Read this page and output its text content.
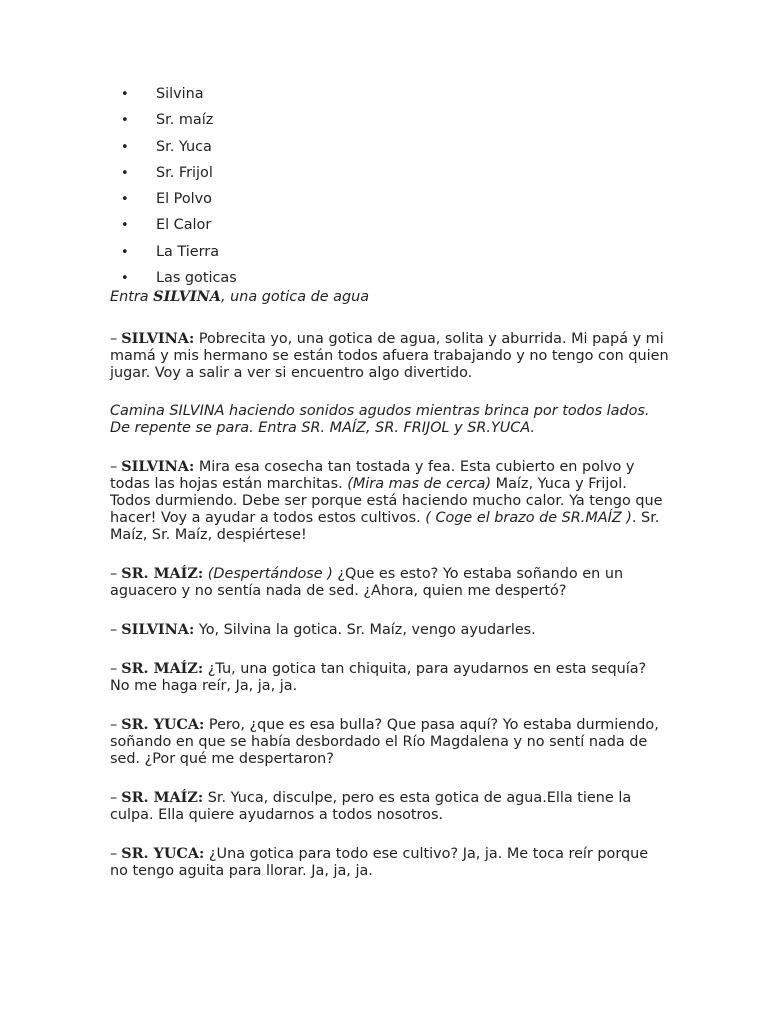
• Silvina
• Sr. maíz
• Sr. Yuca
• Sr. Frijol
• El Polvo
• El Calor
• La Tierra
• Las goticas

Entra SILVINA, una gotica de agua

– SILVINA: Pobrecita yo, una gotica de agua, solita y aburrida. Mi papá y mi mamá y mis hermano se están todos afuera trabajando y no tengo con quien jugar. Voy a salir a ver si encuentro algo divertido.

Camina SILVINA haciendo sonidos agudos mientras brinca por todos lados. De repente se para. Entra SR. MAÍZ, SR. FRIJOL y SR.YUCA.

– SILVINA: Mira esa cosecha tan tostada y fea. Esta cubierto en polvo y todas las hojas están marchitas. (Mira mas de cerca) Maíz, Yuca y Frijol. Todos durmiendo. Debe ser porque está haciendo mucho calor. Ya tengo que hacer! Voy a ayudar a todos estos cultivos. ( Coge el brazo de SR.MAÍZ ). Sr. Maíz, Sr. Maíz, despiértese!

– SR. MAÍZ: (Despertándose ) ¿Que es esto? Yo estaba soñando en un aguacero y no sentía nada de sed. ¿Ahora, quien me despertó?

– SILVINA: Yo, Silvina la gotica. Sr. Maíz, vengo ayudarles.

– SR. MAÍZ: ¿Tu, una gotica tan chiquita, para ayudarnos en esta sequía? No me haga reír, Ja, ja, ja.

– SR. YUCA: Pero, ¿que es esa bulla? Que pasa aquí? Yo estaba durmiendo, soñando en que se había desbordado el Río Magdalena y no sentí nada de sed. ¿Por qué me despertaron?

– SR. MAÍZ: Sr. Yuca, disculpe, pero es esta gotica de agua.Ella tiene la culpa. Ella quiere ayudarnos a todos nosotros.

– SR. YUCA: ¿Una gotica para todo ese cultivo? Ja, ja. Me toca reír porque no tengo aguita para llorar. Ja, ja, ja.
